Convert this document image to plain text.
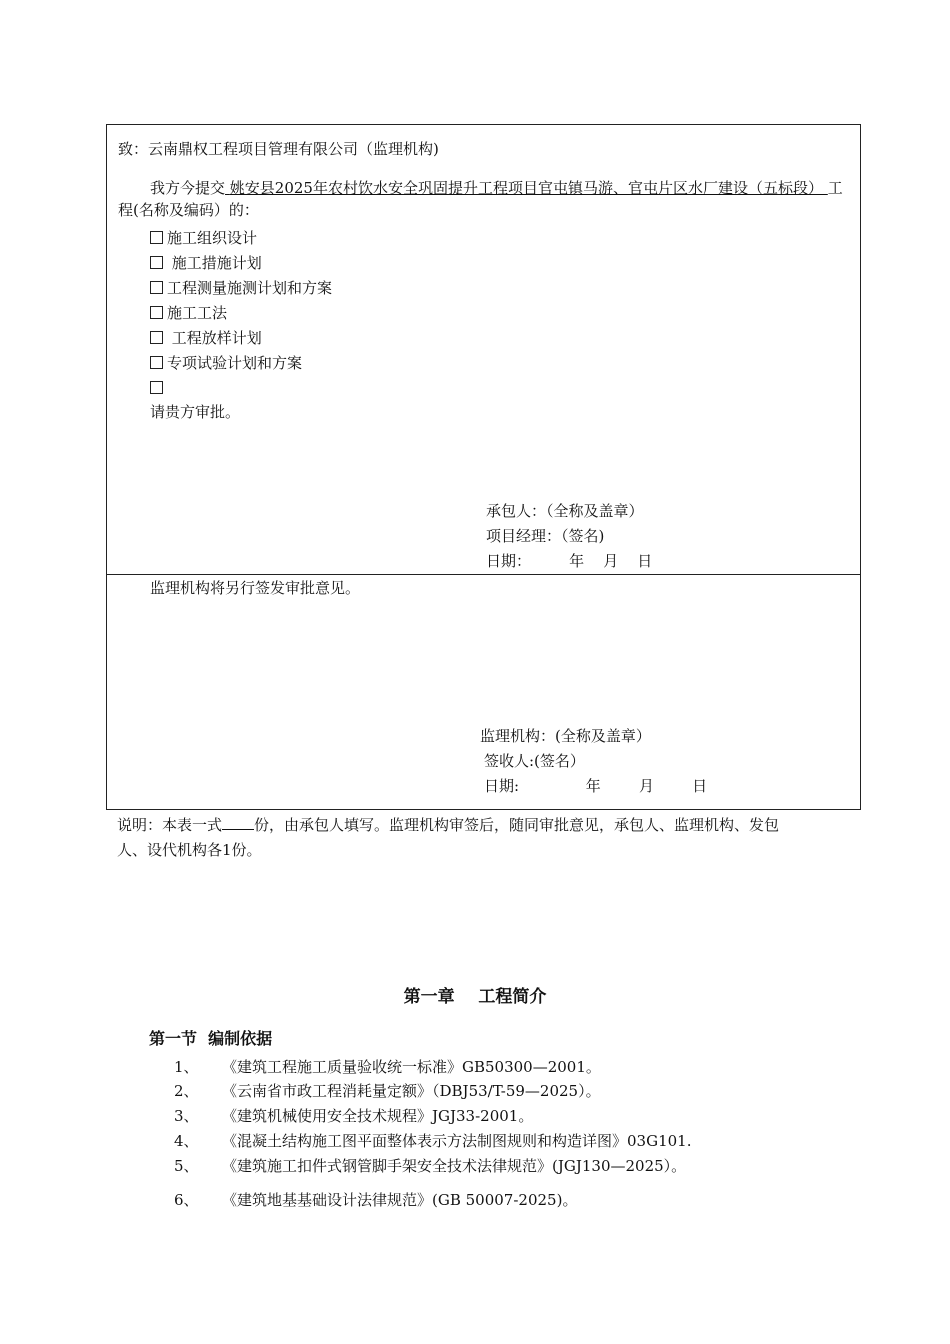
致：云南鼎权工程项目管理有限公司（监理机构)
我方今提交 姚安县2025年农村饮水安全巩固提升工程项目官屯镇马游、官屯片区水厂建设（五标段） 工程(名称及编码）的：
施工组织设计
施工措施计划
工程测量施测计划和方案
施工工法
工程放样计划
专项试验计划和方案
请贵方审批。
承包人：（全称及盖章）
项目经理：（签名)
日期：        年    月    日
监理机构将另行签发审批意见。
监理机构：(全称及盖章）
签收人:(签名）
日期:              年        月        日
说明：本表一式 份，由承包人填写。监理机构审签后，随同审批意见，承包人、监理机构、发包
人、设代机构各1份。
第一章    工程简介
第一节  编制依据
1、 《建筑工程施工质量验收统一标准》GB50300—2001。
2、 《云南省市政工程消耗量定额》（DBJ53/T-59—2025）。
3、 《建筑机械使用安全技术规程》JGJ33-2001。
4、 《混凝土结构施工图平面整体表示方法制图规则和构造详图》03G101.
5、 《建筑施工扣件式钢管脚手架安全技术法律规范》(JGJ130—2025）。
6、 《建筑地基基础设计法律规范》(GB 50007-2025)。
